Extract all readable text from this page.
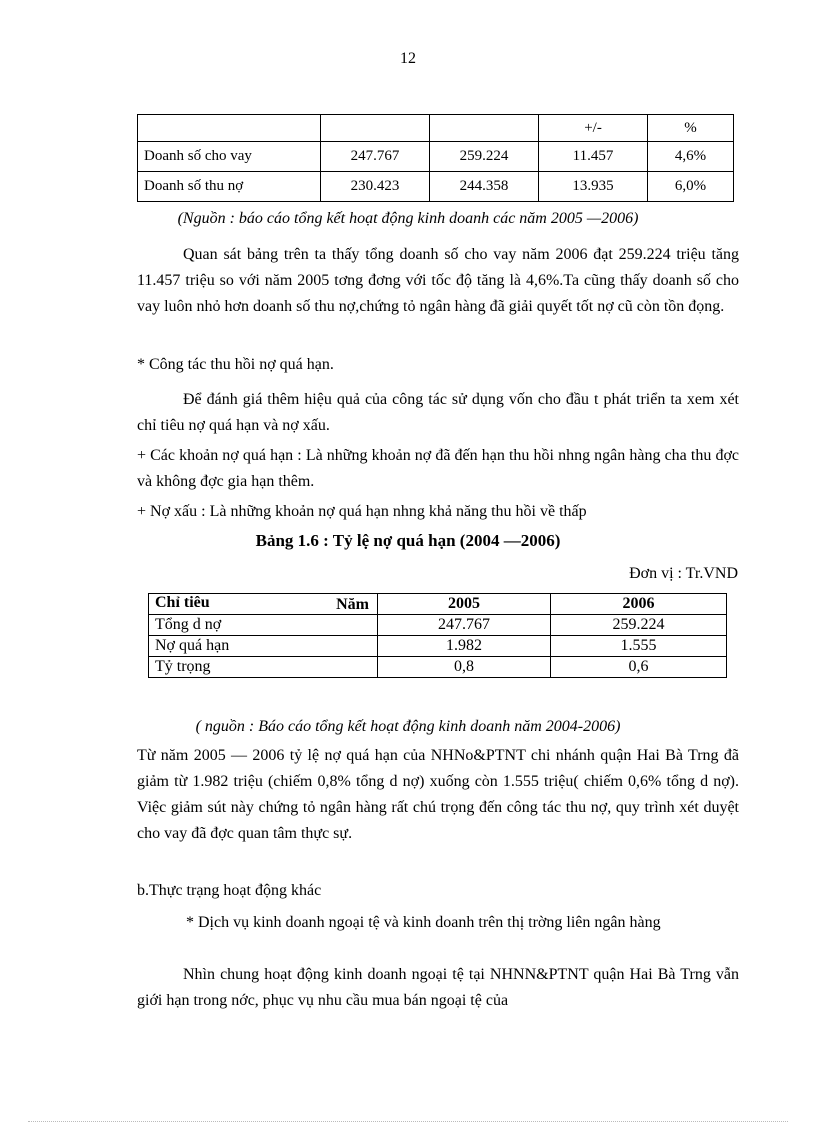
12
			+/-	%
Doanh số cho vay	247.767	259.224	11.457	4,6%
Doanh số thu nợ	230.423	244.358	13.935	6,0%
(Nguồn : báo cáo tổng kết hoạt động kinh doanh các năm 2005 —2006)
Quan sát bảng trên ta thấy tổng doanh số cho vay năm 2006 đạt 259.224 triệu tăng 11.457 triệu so với năm 2005 tơng đơng với tốc độ tăng là 4,6%.Ta cũng thấy doanh số cho vay luôn nhỏ hơn doanh số thu nợ,chứng tỏ ngân hàng đã giải quyết tốt nợ cũ còn tồn đọng.
* Công tác thu hồi nợ quá hạn.
Để đánh giá thêm hiệu quả của công tác sử dụng vốn cho đầu t phát triển ta xem xét chỉ tiêu nợ quá hạn và nợ xấu.
+ Các khoản nợ quá hạn : Là những khoản nợ đã đến hạn thu hồi nhng ngân hàng cha thu đợc và không đợc gia hạn thêm.
+ Nợ xấu : Là những khoản nợ quá hạn nhng khả năng thu hồi về thấp
Bảng 1.6 : Tỷ lệ nợ quá hạn (2004 —2006)
Đơn vị : Tr.VND
Năm
Chỉ tiêu	2005	2006
Tổng d nợ	247.767	259.224
Nợ quá hạn	1.982	1.555
Tỷ trọng	0,8	0,6
( nguồn : Báo cáo tổng kết hoạt động kinh doanh năm 2004-2006)
Từ năm 2005 — 2006 tỷ lệ nợ quá hạn của NHNo&PTNT chi nhánh quận Hai Bà Trng đã giảm từ 1.982 triệu (chiếm 0,8% tổng d nợ) xuống còn 1.555 triệu( chiếm 0,6% tổng d nợ). Việc giảm sút này chứng tỏ ngân hàng rất chú trọng đến công tác thu nợ, quy trình xét duyệt cho vay đã đợc quan tâm thực sự.
b.Thực trạng hoạt động khác
* Dịch vụ kinh doanh ngoại tệ và kinh doanh trên thị trờng liên ngân hàng
Nhìn chung hoạt động kinh doanh ngoại tệ tại NHNN&PTNT quận Hai Bà Trng vẫn giới hạn trong nớc, phục vụ nhu cầu mua bán ngoại tệ của
